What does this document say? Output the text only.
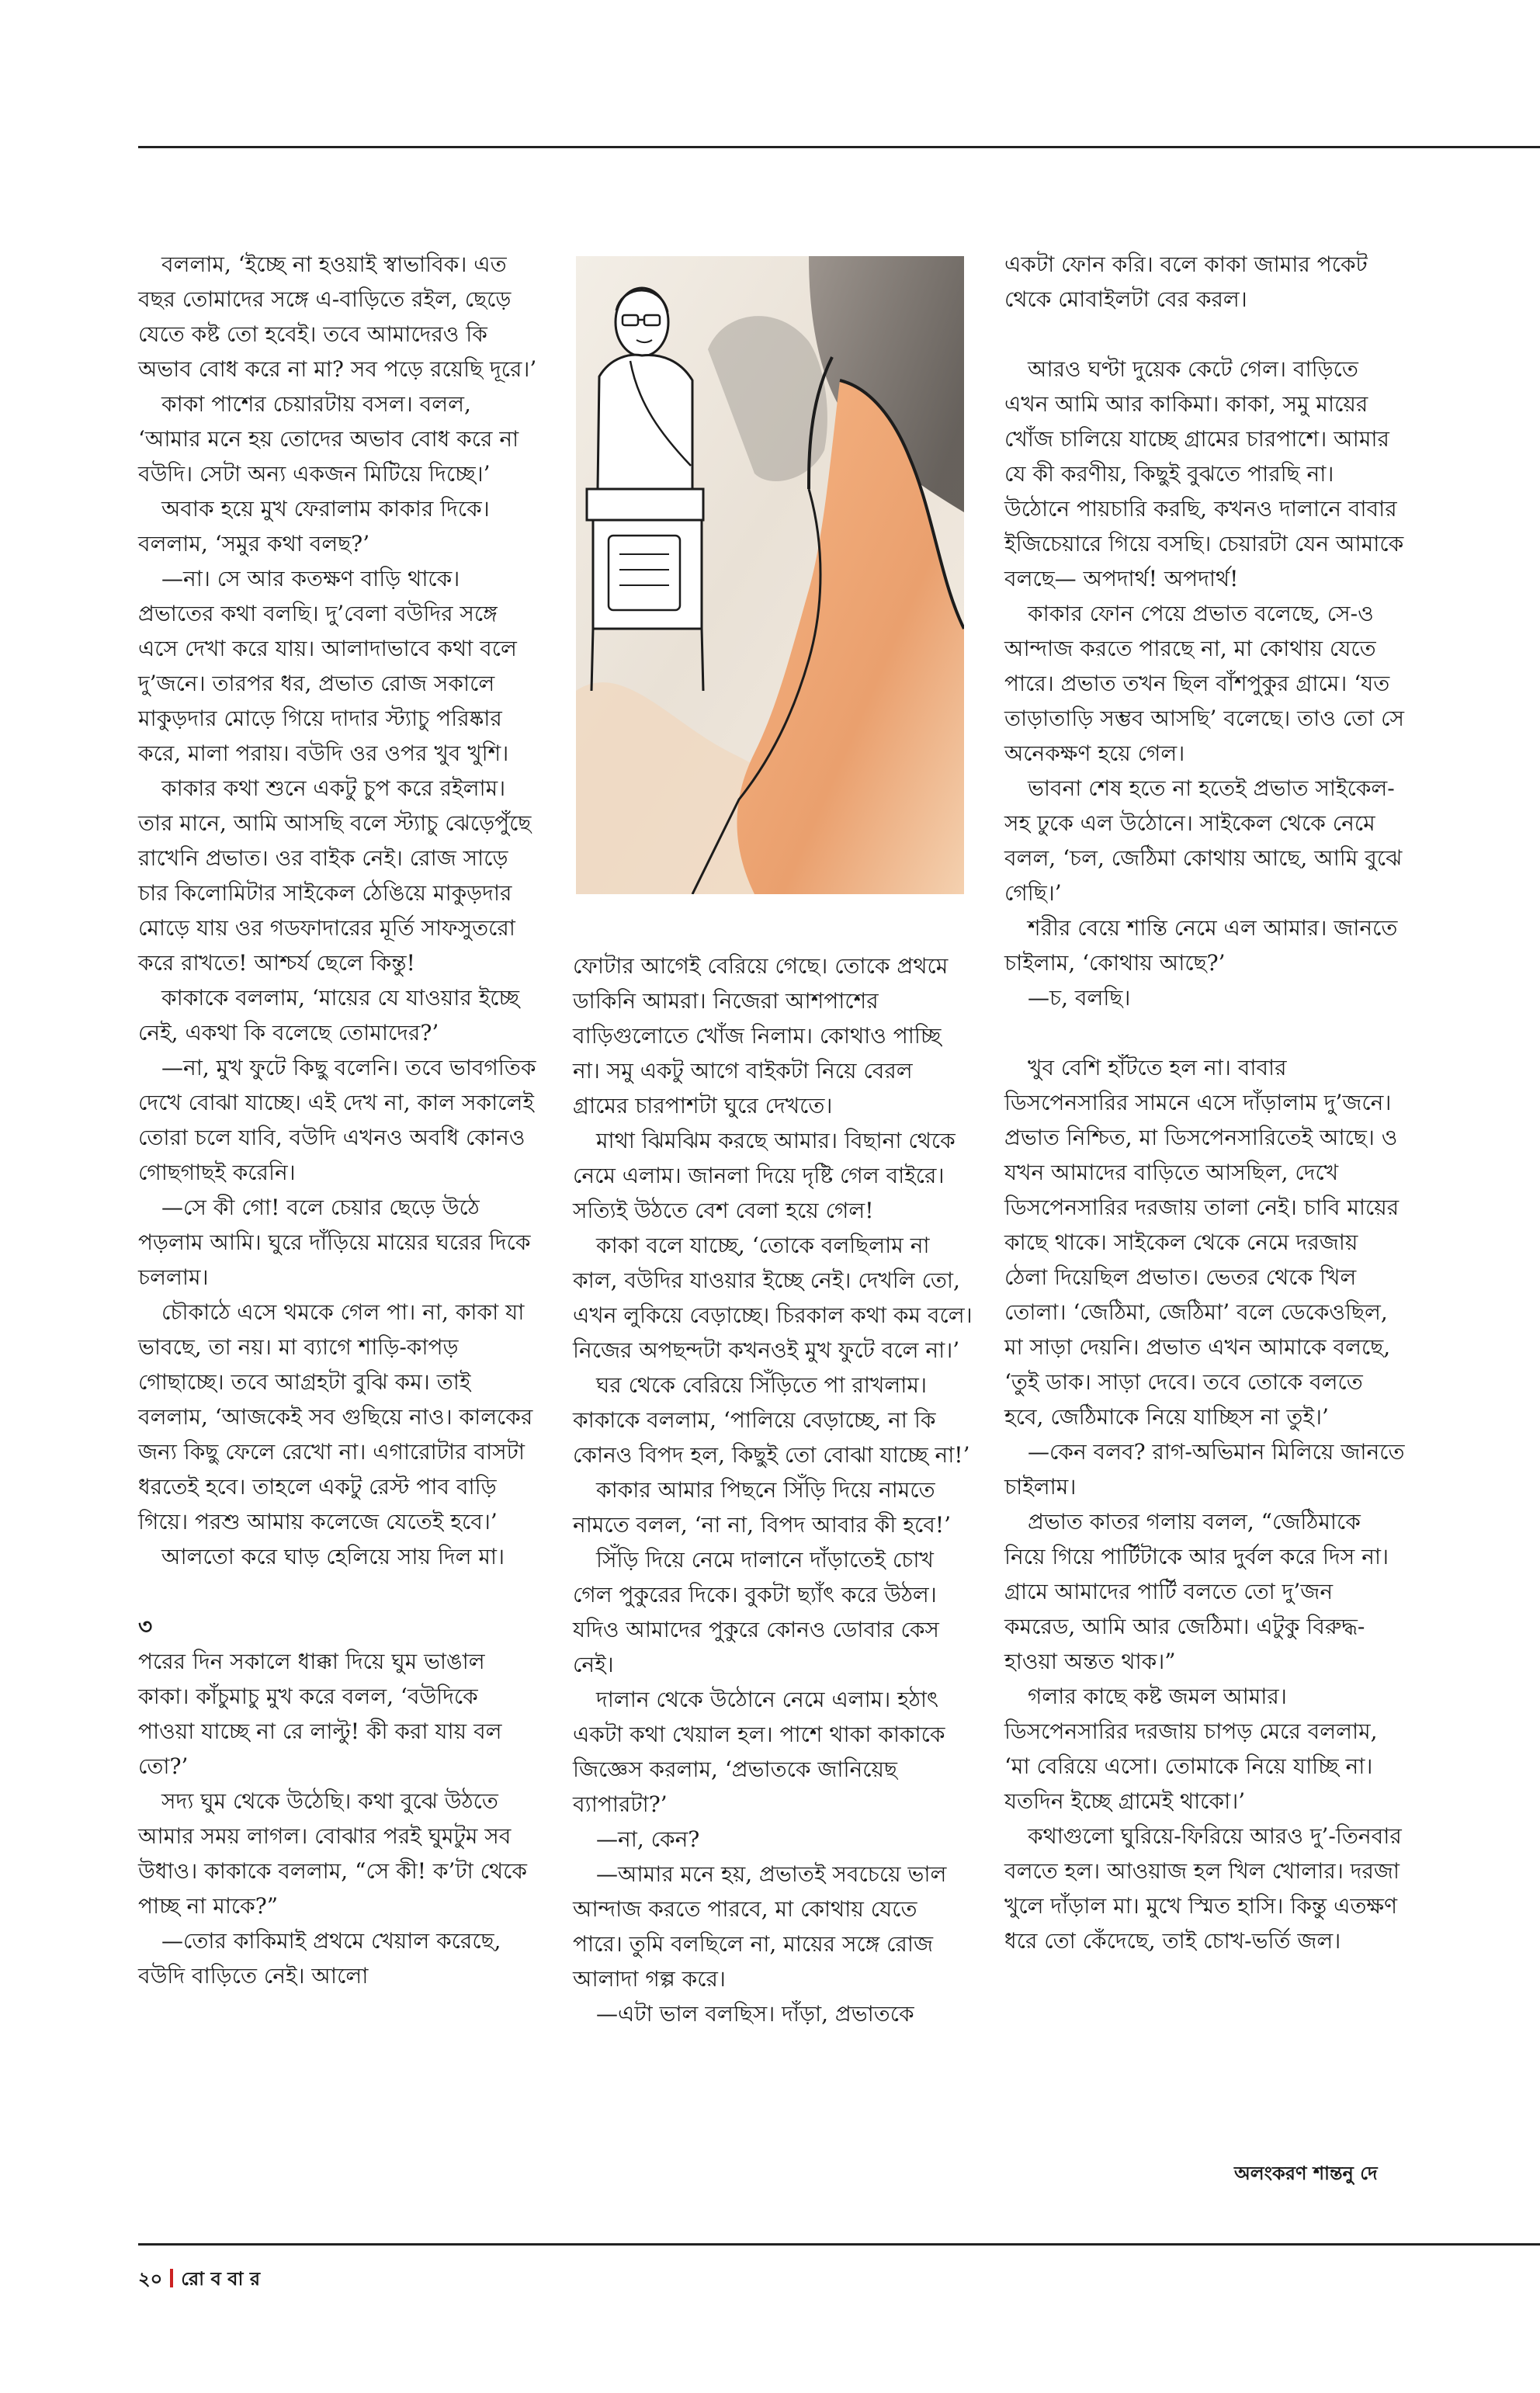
বললাম, ‘ইচ্ছে না হওয়াই স্বাভাবিক। এত বছর তোমাদের সঙ্গে এ-বাড়িতে রইল, ছেড়ে যেতে কষ্ট তো হবেই। তবে আমাদেরও কি অভাব বোধ করে না মা? সব পড়ে রয়েছি দূরে।’

কাকা পাশের চেয়ারটায় বসল। বলল, ‘আমার মনে হয় তোদের অভাব বোধ করে না বউদি। সেটা অন্য একজন মিটিয়ে দিচ্ছে।’

অবাক হয়ে মুখ ফেরালাম কাকার দিকে। বললাম, ‘সমুর কথা বলছ?’

—না। সে আর কতক্ষণ বাড়ি থাকে। প্রভাতের কথা বলছি। দু’বেলা বউদির সঙ্গে এসে দেখা করে যায়। আলাদাভাবে কথা বলে দু’জনে। তারপর ধর, প্রভাত রোজ সকালে মাকুড়দার মোড়ে গিয়ে দাদার স্ট্যাচু পরিষ্কার করে, মালা পরায়। বউদি ওর ওপর খুব খুশি।

কাকার কথা শুনে একটু চুপ করে রইলাম। তার মানে, আমি আসছি বলে স্ট্যাচু ঝেড়েপুঁছে রাখেনি প্রভাত। ওর বাইক নেই। রোজ সাড়ে চার কিলোমিটার সাইকেল ঠেঙিয়ে মাকুড়দার মোড়ে যায় ওর গডফাদারের মূর্তি সাফসুতরো করে রাখতে! আশ্চর্য ছেলে কিন্তু!

কাকাকে বললাম, ‘মায়ের যে যাওয়ার ইচ্ছে নেই, একথা কি বলেছে তোমাদের?’

—না, মুখ ফুটে কিছু বলেনি। তবে ভাবগতিক দেখে বোঝা যাচ্ছে। এই দেখ না, কাল সকালেই তোরা চলে যাবি, বউদি এখনও অবধি কোনও গোছগাছই করেনি।

—সে কী গো! বলে চেয়ার ছেড়ে উঠে পড়লাম আমি। ঘুরে দাঁড়িয়ে মায়ের ঘরের দিকে চললাম।

চৌকাঠে এসে থমকে গেল পা। না, কাকা যা ভাবছে, তা নয়। মা ব্যাগে শাড়ি-কাপড় গোছাচ্ছে। তবে আগ্রহটা বুঝি কম। তাই বললাম, ‘আজকেই সব গুছিয়ে নাও। কালকের জন্য কিছু ফেলে রেখো না। এগারোটার বাসটা ধরতেই হবে। তাহলে একটু রেস্ট পাব বাড়ি গিয়ে। পরশু আমায় কলেজে যেতেই হবে।’

আলতো করে ঘাড় হেলিয়ে সায় দিল মা।

৩

পরের দিন সকালে ধাক্কা দিয়ে ঘুম ভাঙাল কাকা। কাঁচুমাচু মুখ করে বলল, ‘বউদিকে পাওয়া যাচ্ছে না রে লাল্টু! কী করা যায় বল তো?’

সদ্য ঘুম থেকে উঠেছি। কথা বুঝে উঠতে আমার সময় লাগল। বোঝার পরই ঘুমটুম সব উধাও। কাকাকে বললাম, “সে কী! ক’টা থেকে পাচ্ছ না মাকে?”

—তোর কাকিমাই প্রথমে খেয়াল করেছে, বউদি বাড়িতে নেই। আলো

ফোটার আগেই বেরিয়ে গেছে। তোকে প্রথমে ডাকিনি আমরা। নিজেরা আশপাশের বাড়িগুলোতে খোঁজ নিলাম। কোথাও পাচ্ছি না। সমু একটু আগে বাইকটা নিয়ে বেরল গ্রামের চারপাশটা ঘুরে দেখতে।

মাথা ঝিমঝিম করছে আমার। বিছানা থেকে নেমে এলাম। জানলা দিয়ে দৃষ্টি গেল বাইরে। সত্যিই উঠতে বেশ বেলা হয়ে গেল!

কাকা বলে যাচ্ছে, ‘তোকে বলছিলাম না কাল, বউদির যাওয়ার ইচ্ছে নেই। দেখলি তো, এখন লুকিয়ে বেড়াচ্ছে। চিরকাল কথা কম বলে। নিজের অপছন্দটা কখনওই মুখ ফুটে বলে না।’

ঘর থেকে বেরিয়ে সিঁড়িতে পা রাখলাম। কাকাকে বললাম, ‘পালিয়ে বেড়াচ্ছে, না কি কোনও বিপদ হল, কিছুই তো বোঝা যাচ্ছে না!’

কাকার আমার পিছনে সিঁড়ি দিয়ে নামতে নামতে বলল, ‘না না, বিপদ আবার কী হবে!’

সিঁড়ি দিয়ে নেমে দালানে দাঁড়াতেই চোখ গেল পুকুরের দিকে। বুকটা ছ্যাঁৎ করে উঠল। যদিও আমাদের পুকুরে কোনও ডোবার কেস নেই।

দালান থেকে উঠোনে নেমে এলাম। হঠাৎ একটা কথা খেয়াল হল। পাশে থাকা কাকাকে জিজ্ঞেস করলাম, ‘প্রভাতকে জানিয়েছ ব্যাপারটা?’

—না, কেন?

—আমার মনে হয়, প্রভাতই সবচেয়ে ভাল আন্দাজ করতে পারবে, মা কোথায় যেতে পারে। তুমি বলছিলে না, মায়ের সঙ্গে রোজ আলাদা গল্প করে।

—এটা ভাল বলছিস। দাঁড়া, প্রভাতকে

একটা ফোন করি। বলে কাকা জামার পকেট থেকে মোবাইলটা বের করল।

আরও ঘণ্টা দুয়েক কেটে গেল। বাড়িতে এখন আমি আর কাকিমা। কাকা, সমু মায়ের খোঁজ চালিয়ে যাচ্ছে গ্রামের চারপাশে। আমার যে কী করণীয়, কিছুই বুঝতে পারছি না। উঠোনে পায়চারি করছি, কখনও দালানে বাবার ইজিচেয়ারে গিয়ে বসছি। চেয়ারটা যেন আমাকে বলছে— অপদার্থ! অপদার্থ!

কাকার ফোন পেয়ে প্রভাত বলেছে, সে-ও আন্দাজ করতে পারছে না, মা কোথায় যেতে পারে। প্রভাত তখন ছিল বাঁশপুকুর গ্রামে। ‘যত তাড়াতাড়ি সম্ভব আসছি’ বলেছে। তাও তো সে অনেকক্ষণ হয়ে গেল।

ভাবনা শেষ হতে না হতেই প্রভাত সাইকেল-সহ ঢুকে এল উঠোনে। সাইকেল থেকে নেমে বলল, ‘চল, জেঠিমা কোথায় আছে, আমি বুঝে গেছি।’

শরীর বেয়ে শান্তি নেমে এল আমার। জানতে চাইলাম, ‘কোথায় আছে?’

—চ, বলছি।

খুব বেশি হাঁটতে হল না। বাবার ডিসপেনসারির সামনে এসে দাঁড়ালাম দু’জনে। প্রভাত নিশ্চিত, মা ডিসপেনসারিতেই আছে। ও যখন আমাদের বাড়িতে আসছিল, দেখে ডিসপেনসারির দরজায় তালা নেই। চাবি মায়ের কাছে থাকে। সাইকেল থেকে নেমে দরজায় ঠেলা দিয়েছিল প্রভাত। ভেতর থেকে খিল তোলা। ‘জেঠিমা, জেঠিমা’ বলে ডেকেওছিল, মা সাড়া দেয়নি। প্রভাত এখন আমাকে বলছে, ‘তুই ডাক। সাড়া দেবে। তবে তোকে বলতে হবে, জেঠিমাকে নিয়ে যাচ্ছিস না তুই।’

—কেন বলব? রাগ-অভিমান মিলিয়ে জানতে চাইলাম।

প্রভাত কাতর গলায় বলল, “জেঠিমাকে নিয়ে গিয়ে পার্টিটাকে আর দুর্বল করে দিস না। গ্রামে আমাদের পার্টি বলতে তো দু’জন কমরেড, আমি আর জেঠিমা। এটুকু বিরুদ্ধ-হাওয়া অন্তত থাক।”

গলার কাছে কষ্ট জমল আমার। ডিসপেনসারির দরজায় চাপড় মেরে বললাম, ‘মা বেরিয়ে এসো। তোমাকে নিয়ে যাচ্ছি না। যতদিন ইচ্ছে গ্রামেই থাকো।’

কথাগুলো ঘুরিয়ে-ফিরিয়ে আরও দু’-তিনবার বলতে হল। আওয়াজ হল খিল খোলার। দরজা খুলে দাঁড়াল মা। মুখে স্মিত হাসি। কিন্তু এতক্ষণ ধরে তো কেঁদেছে, তাই চোখ-ভর্তি জল।

অলংকরণ শান্তনু দে
২০ রো ব বা র
